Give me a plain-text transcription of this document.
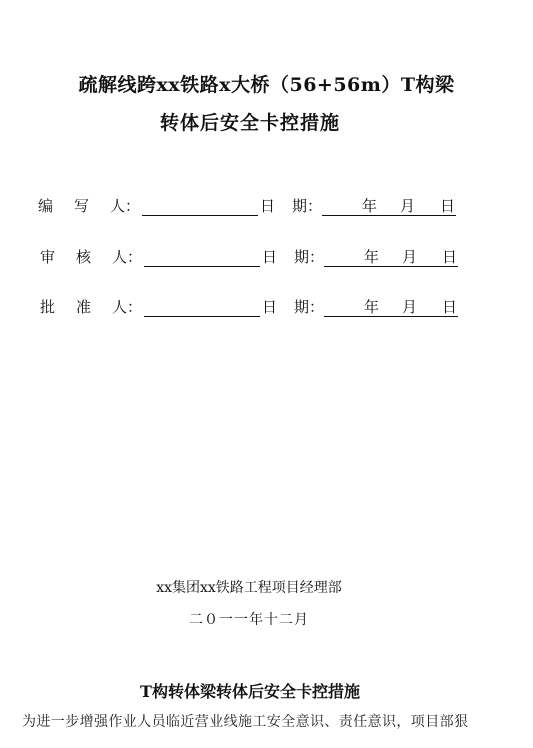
疏解线跨xx铁路x大桥（56+56m）T构梁
转体后安全卡控措施
编 写 人：	日 期：	年 月 日
审 核 人：	日 期：	年 月 日
批 准 人：	日 期：	年 月 日
xx集团xx铁路工程项目经理部
二０一一年十二月
T构转体梁转体后安全卡控措施
为进一步增强作业人员临近营业线施工安全意识、责任意识，项目部狠
